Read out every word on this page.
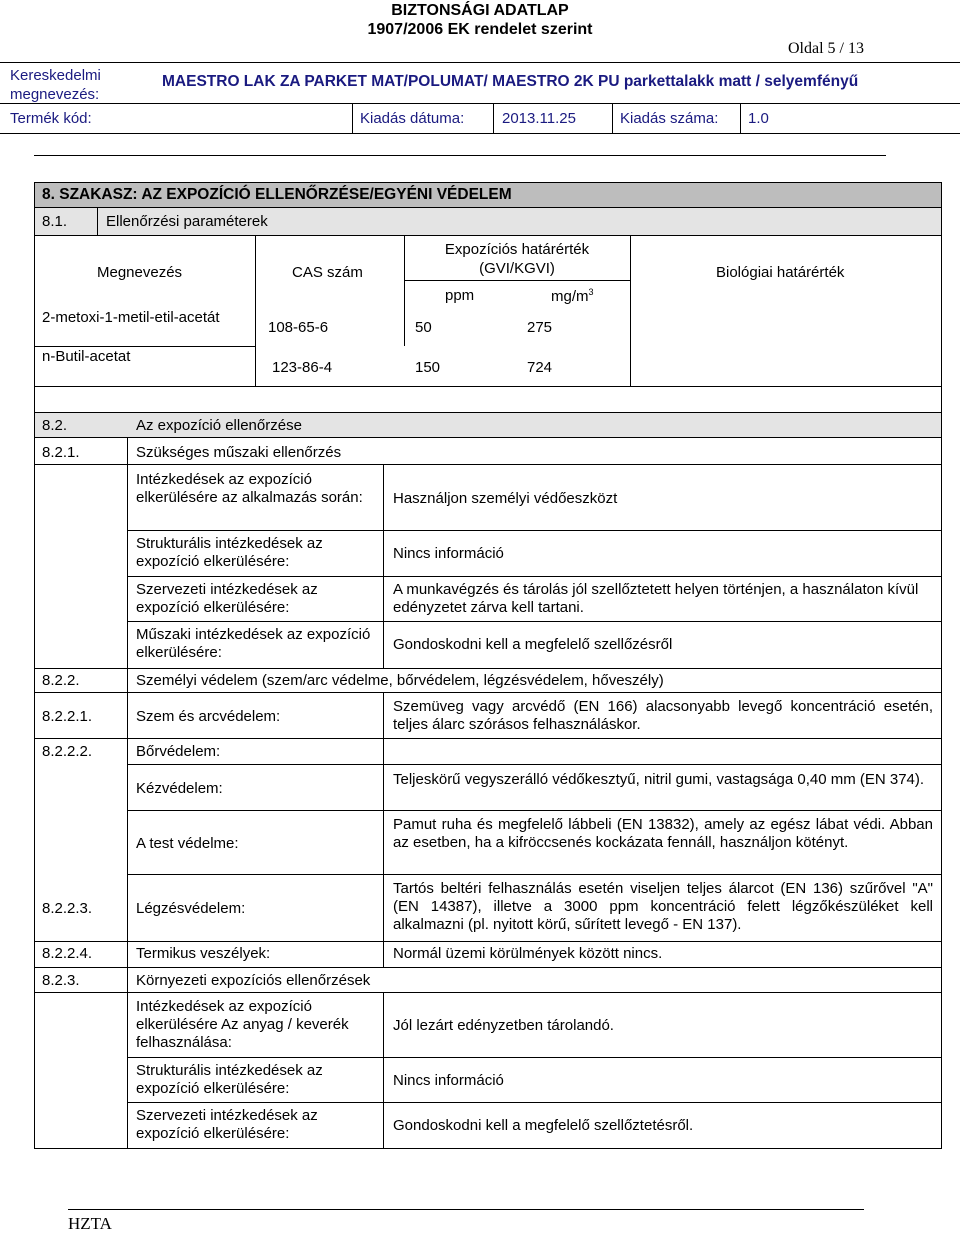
BIZTONSÁGI ADATLAP
1907/2006 EK rendelet szerint
Oldal 5 / 13
Kereskedelmi
megnevezés:
MAESTRO LAK ZA PARKET MAT/POLUMAT/ MAESTRO 2K PU parkettalakk matt / selyemfényű
Termék kód:	Kiadás dátuma:	2013.11.25	Kiadás száma: 1.0
8. SZAKASZ: AZ EXPOZÍCIÓ ELLENŐRZÉSE/EGYÉNI VÉDELEM
8.1.	Ellenőrzési paraméterek
Megnevezés	CAS szám
Expozíciós határérték
(GVI/KGVI)
ppm	$mg/m^3$
Biológiai határérték
2-metoxi-1-metil-etil-acetát
108-65-6	50	275
n-Butil-acetat
123-86-4	150	724
8.2.	Az expozíció ellenőrzése
8.2.1.	Szükséges műszaki ellenőrzés
Intézkedések az expozíció elkerülésére az alkalmazás során:	Használjon személyi védőeszközt
Strukturális intézkedések az expozíció elkerülésére:	Nincs információ
Szervezeti intézkedések az expozíció elkerülésére:
A munkavégzés és tárolás jól szellőztetett helyen történjen, a használaton kívül edényzetet zárva kell tartani.
Műszaki intézkedések az expozíció elkerülésére:	Gondoskodni kell a megfelelő szellőzésről
8.2.2.	Személyi védelem (szem/arc védelme, bőrvédelem, légzésvédelem, hőveszély)
8.2.2.1.	Szem és arcvédelem:
Szemüveg vagy arcvédő (EN 166) alacsonyabb levegő koncentráció esetén, teljes álarc szórásos felhasználáskor.
8.2.2.2.	Bőrvédelem:
Kézvédelem:
Teljeskörű vegyszerálló védőkesztyű, nitril gumi, vastagsága 0,40 mm (EN 374).
A test védelme:
Pamut ruha és megfelelő lábbeli (EN 13832), amely az egész lábat védi. Abban az esetben, ha a kifröccsenés kockázata fennáll, használjon kötényt.
8.2.2.3.	Légzésvédelem:
Tartós beltéri felhasználás esetén viseljen teljes álarcot (EN 136) szűrővel "A" (EN 14387), illetve a 3000 ppm koncentráció felett légzőkészüléket kell alkalmazni (pl. nyitott körű, sűrített levegő - EN 137).
8.2.2.4.	Termikus veszélyek:	Normál üzemi körülmények között nincs.
8.2.3.	Környezeti expozíciós ellenőrzések
Intézkedések az expozíció elkerülésére Az anyag / keverék felhasználása:
Jól lezárt edényzetben tárolandó.
Strukturális intézkedések az expozíció elkerülésére:	Nincs információ
Szervezeti intézkedések az expozíció elkerülésére:	Gondoskodni kell a megfelelő szellőztetésről.
HZTA
